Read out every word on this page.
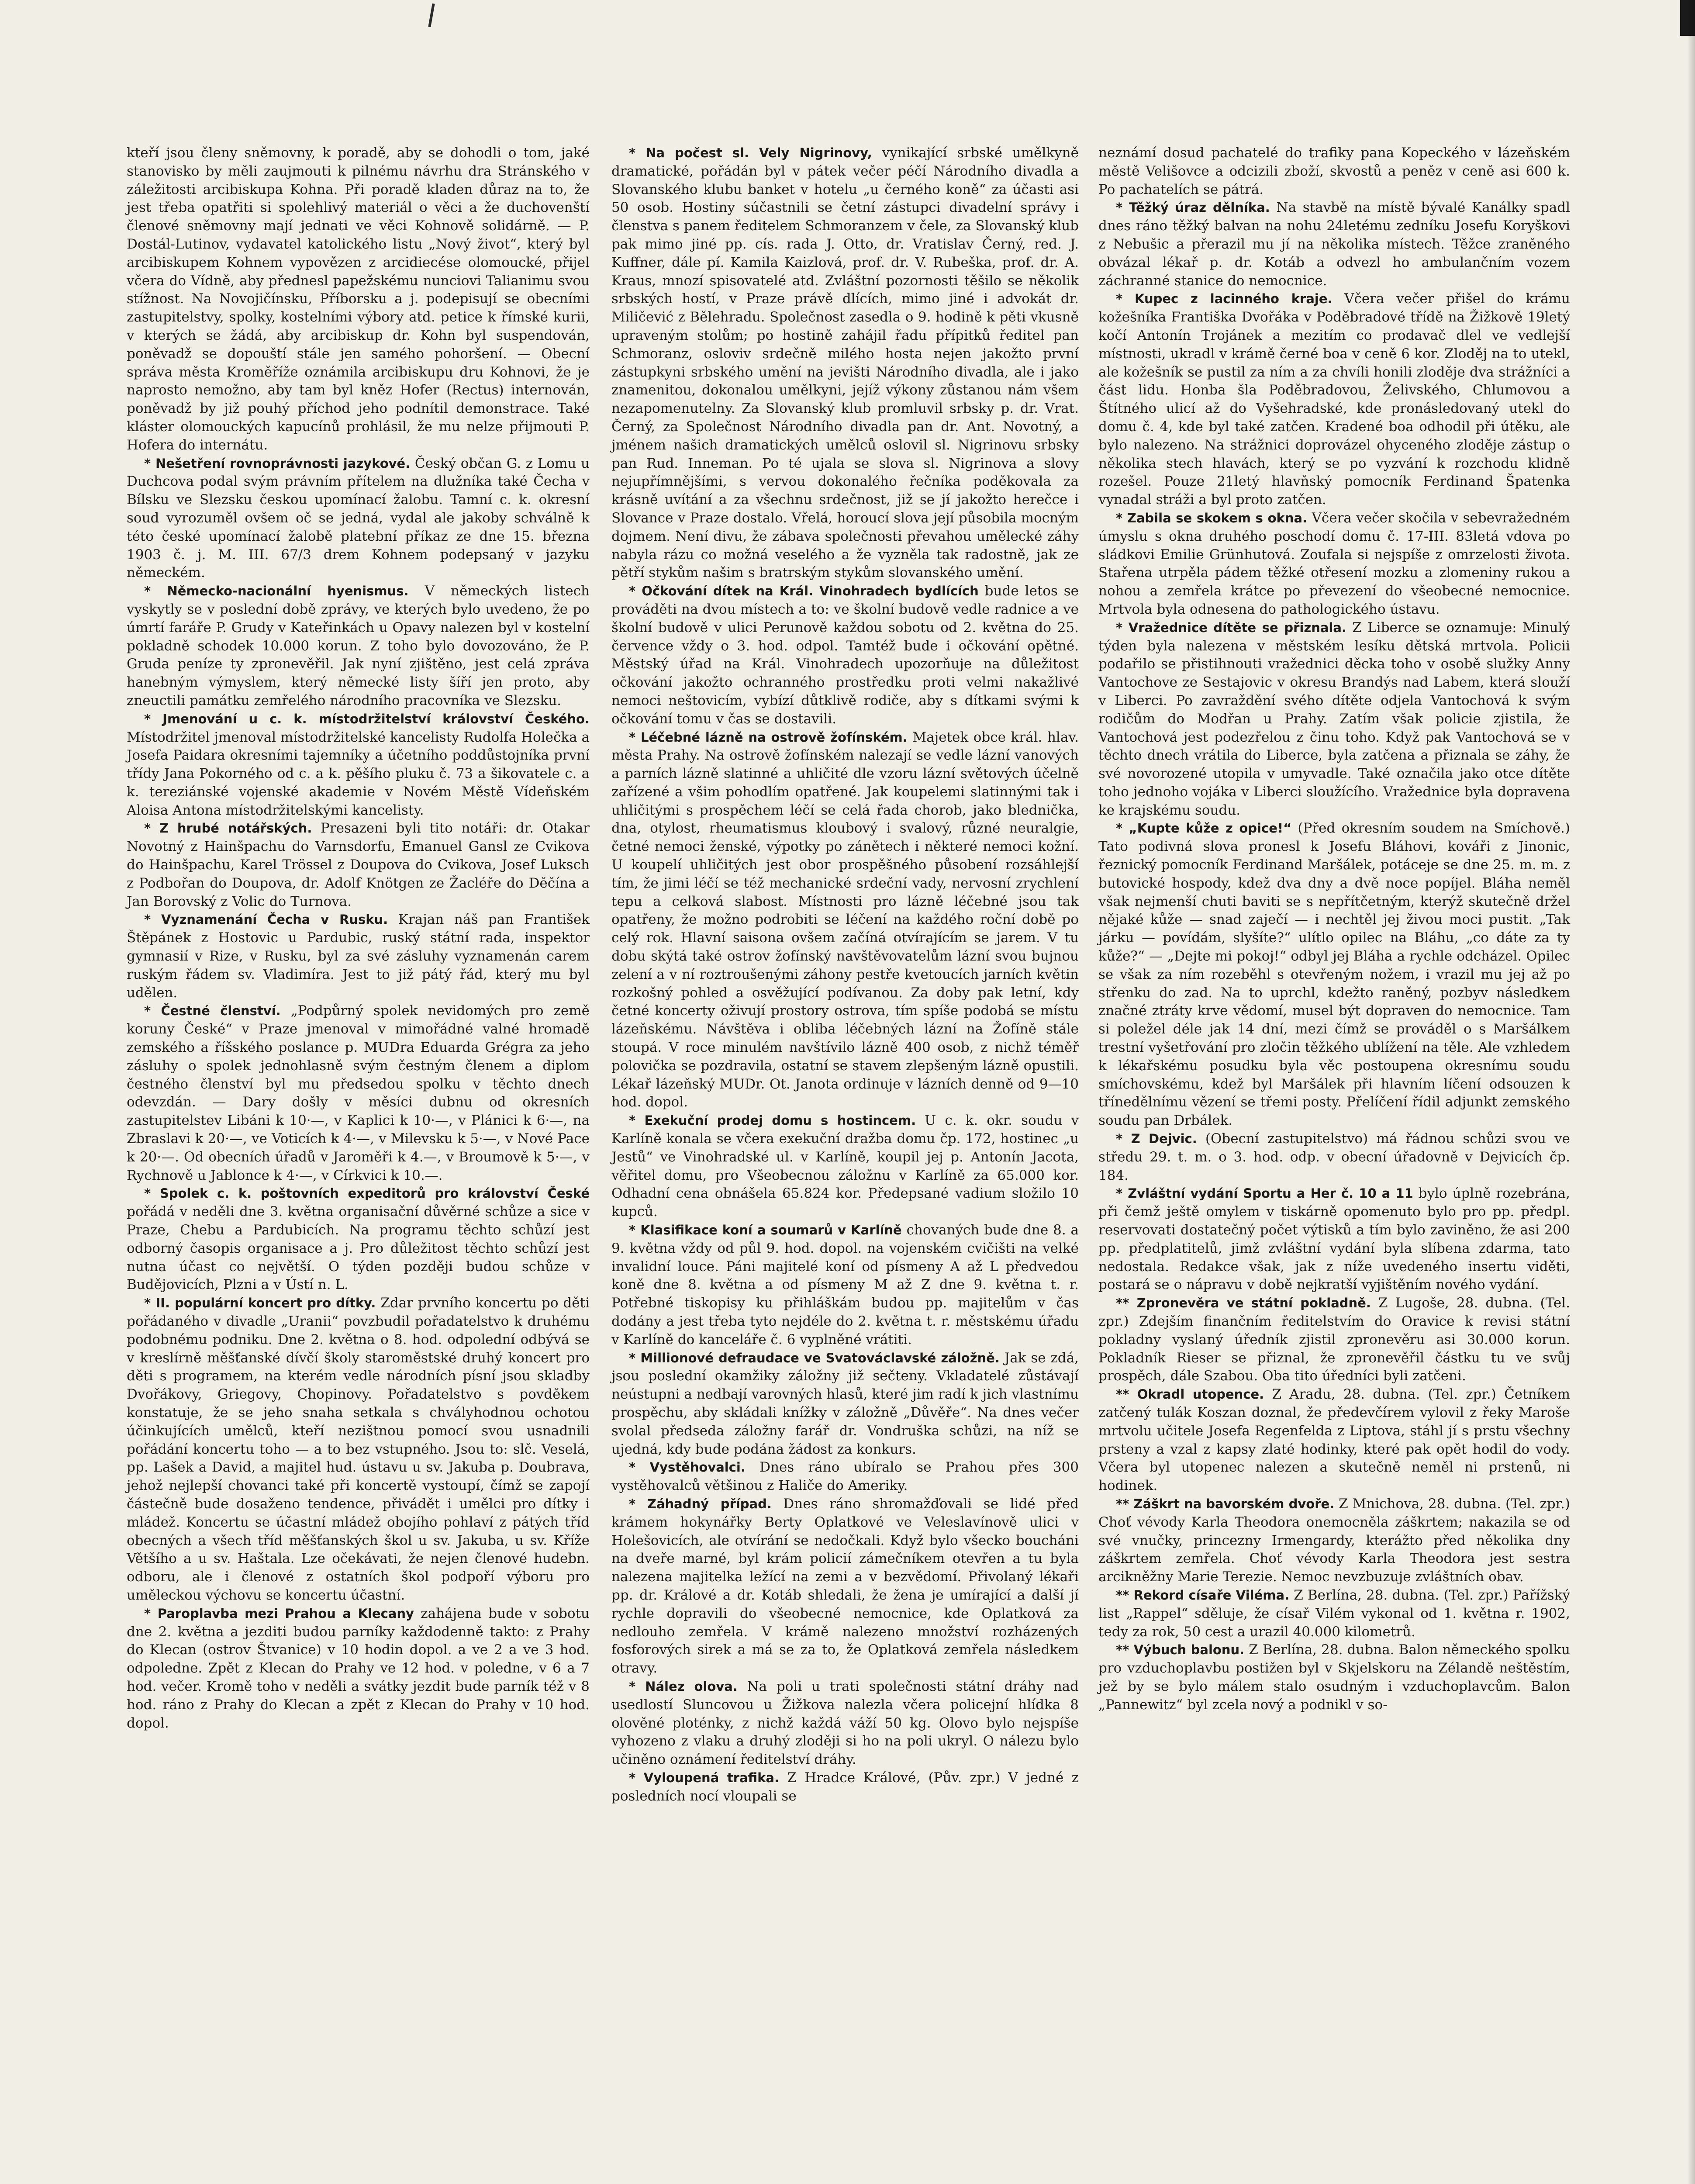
kteří jsou členy sněmovny, k poradě, aby se dohodli o tom, jaké stanovisko by měli zaujmouti k pilnému návrhu dra Stránského v záležitosti arcibiskupa Kohna. Při poradě kladen důraz na to, že jest třeba opatřiti si spolehlivý materiál o věci a že duchovenští členové sněmovny mají jednati ve věci Kohnově solidárně. — P. Dostál-Lutinov, vydavatel katolického listu „Nový život“, který byl arcibiskupem Kohnem vypovězen z arcidiecése olomoucké, přijel včera do Vídně, aby přednesl papežskému nunciovi Talianimu svou stížnost. Na Novojičínsku, Příborsku a j. podepisují se obecními zastupitelstvy, spolky, kostelními výbory atd. petice k římské kurii, v kterých se žádá, aby arcibiskup dr. Kohn byl suspendován, poněvadž se dopouští stále jen samého pohoršení. — Obecní správa města Kroměříže oznámila arcibiskupu dru Kohnovi, že je naprosto nemožno, aby tam byl kněz Hofer (Rectus) internován, poněvadž by již pouhý příchod jeho podnítil demonstrace. Také kláster olomouckých kapucínů prohlásil, že mu nelze přijmouti P. Hofera do internátu.

* Nešetření rovnoprávnosti jazykové. Český občan G. z Lomu u Duchcova podal svým právním přítelem na dlužníka také Čecha v Bílsku ve Slezsku českou upomínací žalobu. Tamní c. k. okresní soud vyrozuměl ovšem oč se jedná, vydal ale jakoby schválně k této české upomínací žalobě platební příkaz ze dne 15. března 1903 č. j. M. III. 67/3 drem Kohnem podepsaný v jazyku německém.

* Německo-nacionální hyenismus. V německých listech vyskytly se v poslední době zprávy, ve kterých bylo uvedeno, že po úmrtí faráře P. Grudy v Kateřinkách u Opavy nalezen byl v kostelní pokladně schodek 10.000 korun. Z toho bylo dovozováno, že P. Gruda peníze ty zpronevěřil. Jak nyní zjištěno, jest celá zpráva hanebným výmyslem, který německé listy šíří jen proto, aby zneuctili památku zemřelého národního pracovníka ve Slezsku.

* Jmenování u c. k. místodržitelství království Českého. Místodržitel jmenoval místodržitelské kancelisty Rudolfa Holečka a Josefa Paidara okresními tajemníky a účetního poddůstojníka první třídy Jana Pokorného od c. a k. pěšího pluku č. 73 a šikovatele c. a k. tereziánské vojenské akademie v Novém Městě Vídeňském Aloisa Antona místodržitelskými kancelisty.

* Z hrubé notářských. Presazeni byli tito notáři: dr. Otakar Novotný z Hainšpachu do Varnsdorfu, Emanuel Gansl ze Cvikova do Hainšpachu, Karel Trössel z Doupova do Cvikova, Josef Luksch z Podbořan do Doupova, dr. Adolf Knötgen ze Žacléře do Děčína a Jan Borovský z Volic do Turnova.

* Vyznamenání Čecha v Rusku. Krajan náš pan František Štěpánek z Hostovic u Pardubic, ruský státní rada, inspektor gymnasií v Rize, v Rusku, byl za své zásluhy vyznamenán carem ruským řádem sv. Vladimíra. Jest to již pátý řád, který mu byl udělen.

* Čestné členství. „Podpůrný spolek nevidomých pro země koruny České“ v Praze jmenoval v mimořádné valné hromadě zemského a říšského poslance p. MUDra Eduarda Grégra za jeho zásluhy o spolek jednohlasně svým čestným členem a diplom čestného členství byl mu předsedou spolku v těchto dnech odevzdán. — Dary došly v měsíci dubnu od okresních zastupitelstev Libáni k 10·—, v Kaplici k 10·—, v Plánici k 6·—, na Zbraslavi k 20·—, ve Voticích k 4·—, v Milevsku k 5·—, v Nové Pace k 20·—. Od obecních úřadů v Jaroměři k 4.—, v Broumově k 5·—, v Rychnově u Jablonce k 4·—, v Církvici k 10.—.

* Spolek c. k. poštovních expeditorů pro království České pořádá v neděli dne 3. května organisační důvěrné schůze a sice v Praze, Chebu a Pardubicích. Na programu těchto schůzí jest odborný časopis organisace a j. Pro důležitost těchto schůzí jest nutna účast co největší. O týden později budou schůze v Budějovicích, Plzni a v Ústí n. L.

* II. populární koncert pro dítky. Zdar prvního koncertu po děti pořádaného v divadle „Uranii“ povzbudil pořadatelstvo k druhému podobnému podniku. Dne 2. května o 8. hod. odpolední odbývá se v kreslírně měšťanské dívčí školy staroměstské druhý koncert pro děti s programem, na kterém vedle národních písní jsou skladby Dvořákovy, Griegovy, Chopinovy. Pořadatelstvo s povděkem konstatuje, že se jeho snaha setkala s chvályhodnou ochotou účinkujících umělců, kteří nezištnou pomocí svou usnadnili pořádání koncertu toho — a to bez vstupného. Jsou to: slč. Veselá, pp. Lašek a David, a majitel hud. ústavu u sv. Jakuba p. Doubrava, jehož nejlepší chovanci také při koncertě vystoupí, čímž se zapojí částečně bude dosaženo tendence, přivádět i umělci pro dítky i mládež. Koncertu se účastní mládež obojího pohlaví z pátých tříd obecných a všech tříd měšťanských škol u sv. Jakuba, u sv. Kříže Většího a u sv. Haštala. Lze očekávati, že nejen členové hudebn. odboru, ale i členové z ostatních škol podpoří výboru pro uměleckou výchovu se koncertu účastní.

* Paroplavba mezi Prahou a Klecany zahájena bude v sobotu dne 2. května a jezditi budou parníky každodenně takto: z Prahy do Klecan (ostrov Štvanice) v 10 hodin dopol. a ve 2 a ve 3 hod. odpoledne. Zpět z Klecan do Prahy ve 12 hod. v poledne, v 6 a 7 hod. večer. Kromě toho v neděli a svátky jezdit bude parník též v 8 hod. ráno z Prahy do Klecan a zpět z Klecan do Prahy v 10 hod. dopol.

* Na počest sl. Vely Nigrinovy, vynikající srbské umělkyně dramatické, pořádán byl v pátek večer péčí Národního divadla a Slovanského klubu banket v hotelu „u černého koně“ za účasti asi 50 osob. Hostiny súčastnili se četní zástupci divadelní správy i členstva s panem ředitelem Schmoranzem v čele, za Slovanský klub pak mimo jiné pp. cís. rada J. Otto, dr. Vratislav Černý, red. J. Kuffner, dále pí. Kamila Kaizlová, prof. dr. V. Rubeška, prof. dr. A. Kraus, mnozí spisovatelé atd. Zvláštní pozornosti těšilo se několik srbských hostí, v Praze právě dlících, mimo jiné i advokát dr. Miličević z Bělehradu. Společnost zasedla o 9. hodině k pěti vkusně upraveným stolům; po hostině zahájil řadu přípitků ředitel pan Schmoranz, osloviv srdečně milého hosta nejen jakožto první zástupkyni srbského umění na jevišti Národního divadla, ale i jako znamenitou, dokonalou umělkyni, jejíž výkony zůstanou nám všem nezapomenutelny. Za Slovanský klub promluvil srbsky p. dr. Vrat. Černý, za Společnost Národního divadla pan dr. Ant. Novotný, a jménem našich dramatických umělců oslovil sl. Nigrinovu srbsky pan Rud. Inneman. Po té ujala se slova sl. Nigrinova a slovy nejupřímnějšími, s vervou dokonalého řečníka poděkovala za krásně uvítání a za všechnu srdečnost, již se jí jakožto herečce i Slovance v Praze dostalo. Vřelá, horoucí slova její působila mocným dojmem. Není divu, že zábava společnosti převahou umělecké záhy nabyla rázu co možná veselého a že vyzněla tak radostně, jak ze pětří stykům našim s bratrským stykům slovanského umění.

* Očkování dítek na Král. Vinohradech bydlících bude letos se prováděti na dvou místech a to: ve školní budově vedle radnice a ve školní budově v ulici Perunově každou sobotu od 2. května do 25. července vždy o 3. hod. odpol. Tamtéž bude i očkování opětné. Městský úřad na Král. Vinohradech upozorňuje na důležitost očkování jakožto ochranného prostředku proti velmi nakažlivé nemoci neštovicím, vybízí důtklivě rodiče, aby s dítkami svými k očkování tomu v čas se dostavili.

* Léčebné lázně na ostrově žofínském. Majetek obce král. hlav. města Prahy. Na ostrově žofínském nalezají se vedle lázní vanových a parních lázně slatinné a uhličité dle vzoru lázní světových účelně zařízené a všim pohodlím opatřené. Jak koupelemi slatinnými tak i uhličitými s prospěchem léčí se celá řada chorob, jako blednička, dna, otylost, rheumatismus kloubový i svalový, různé neuralgie, četné nemoci ženské, výpotky po zánětech i některé nemoci kožní. U koupelí uhličitých jest obor prospěšného působení rozsáhlejší tím, že jimi léčí se též mechanické srdeční vady, nervosní zrychlení tepu a celková slabost. Místnosti pro lázně léčebné jsou tak opatřeny, že možno podrobiti se léčení na každého roční době po celý rok. Hlavní saisona ovšem začíná otvírajícím se jarem. V tu dobu skýtá také ostrov žofínský navštěvovatelům lázní svou bujnou zelení a v ní roztroušenými záhony pestře kvetoucích jarních květin rozkošný pohled a osvěžující podívanou. Za doby pak letní, kdy četné koncerty oživují prostory ostrova, tím spíše podobá se místu lázeňskému. Návštěva i obliba léčebných lázní na Žofíně stále stoupá. V roce minulém navštívilo lázně 400 osob, z nichž téměř polovička se pozdravila, ostatní se stavem zlepšeným lázně opustili. Lékař lázeňský MUDr. Ot. Janota ordinuje v lázních denně od 9—10 hod. dopol.

* Exekuční prodej domu s hostincem. U c. k. okr. soudu v Karlíně konala se včera exekuční dražba domu čp. 172, hostinec „u Jestů“ ve Vinohradské ul. v Karlíně, koupil jej p. Antonín Jacota, věřitel domu, pro Všeobecnou záložnu v Karlíně za 65.000 kor. Odhadní cena obnášela 65.824 kor. Předepsané vadium složilo 10 kupců.

* Klasifikace koní a soumarů v Karlíně chovaných bude dne 8. a 9. května vždy od půl 9. hod. dopol. na vojenském cvičišti na velké invalidní louce. Páni majitelé koní od písmeny A až L předvedou koně dne 8. května a od písmeny M až Z dne 9. května t. r. Potřebné tiskopisy ku přihláškám budou pp. majitelům v čas dodány a jest třeba tyto nejdéle do 2. května t. r. městskému úřadu v Karlíně do kanceláře č. 6 vyplněné vrátiti.

* Millionové defraudace ve Svatováclavské záložně. Jak se zdá, jsou poslední okamžiky záložny již sečteny. Vkladatelé zůstávají neústupni a nedbají varovných hlasů, které jim radí k jich vlastnímu prospěchu, aby skládali knížky v záložně „Důvěře“. Na dnes večer svolal předseda záložny farář dr. Vondruška schůzi, na níž se ujedná, kdy bude podána žádost za konkurs.

* Vystěhovalci. Dnes ráno ubíralo se Prahou přes 300 vystěhovalců většinou z Haliče do Ameriky.

* Záhadný případ. Dnes ráno shromažďovali se lidé před krámem hokynářky Berty Oplatkové ve Veleslavínově ulici v Holešovicích, ale otvírání se nedočkali. Když bylo všecko boucháni na dveře marné, byl krám policií zámečníkem otevřen a tu byla nalezena majitelka ležící na zemi a v bezvědomí. Přivolaný lékaři pp. dr. Králové a dr. Kotáb shledali, že žena je umírající a další jí rychle dopravili do všeobecné nemocnice, kde Oplatková za nedlouho zemřela. V krámě nalezeno množství rozházených fosforových sirek a má se za to, že Oplatková zemřela následkem otravy.

* Nález olova. Na poli u trati společnosti státní dráhy nad usedlostí Sluncovou u Žižkova nalezla včera policejní hlídka 8 olověné ploténky, z nichž každá váží 50 kg. Olovo bylo nejspíše vyhozeno z vlaku a druhý zloději si ho na poli ukryl. O nálezu bylo učiněno oznámení ředitelství dráhy.

* Vyloupená trafika. Z Hradce Králové, (Pův. zpr.) V jedné z posledních nocí vloupali se

neznámí dosud pachatelé do trafiky pana Kopeckého v lázeňském městě Velišovce a odcizili zboží, skvostů a peněz v ceně asi 600 k. Po pachatelích se pátrá.

* Těžký úraz dělníka. Na stavbě na místě bývalé Kanálky spadl dnes ráno těžký balvan na nohu 24letému zedníku Josefu Koryškovi z Nebušic a přerazil mu jí na několika místech. Těžce zraněného obvázal lékař p. dr. Kotáb a odvezl ho ambulančním vozem záchranné stanice do nemocnice.

* Kupec z lacinného kraje. Včera večer přišel do krámu kožešníka Františka Dvořáka v Poděbradové třídě na Žižkově 19letý kočí Antonín Trojánek a mezitím co prodavač dlel ve vedlejší místnosti, ukradl v krámě černé boa v ceně 6 kor. Zloděj na to utekl, ale kožešník se pustil za ním a za chvíli honili zloděje dva strážníci a část lidu. Honba šla Poděbradovou, Želivského, Chlumovou a Štítného ulicí až do Vyšehradské, kde pronásledovaný utekl do domu č. 4, kde byl také zatčen. Kradené boa odhodil při útěku, ale bylo nalezeno. Na strážnici doprovázel ohyceného zloděje zástup o několika stech hlavách, který se po vyzvání k rozchodu klidně rozešel. Pouze 21letý hlavňský pomocník Ferdinand Špatenka vynadal stráži a byl proto zatčen.

* Zabila se skokem s okna. Včera večer skočila v sebevražedném úmyslu s okna druhého poschodí domu č. 17-III. 83letá vdova po sládkovi Emilie Grünhutová. Zoufala si nejspíše z omrzelosti života. Stařena utrpěla pádem těžké otřesení mozku a zlomeniny rukou a nohou a zemřela krátce po převezení do všeobecné nemocnice. Mrtvola byla odnesena do pathologického ústavu.

* Vražednice dítěte se přiznala. Z Liberce se oznamuje: Minulý týden byla nalezena v městském lesíku dětská mrtvola. Policii podařilo se přistihnouti vražednici děcka toho v osobě služky Anny Vantochove ze Sestajovic v okresu Brandýs nad Labem, která slouží v Liberci. Po zavraždění svého dítěte odjela Vantochová k svým rodičům do Modřan u Prahy. Zatím však policie zjistila, že Vantochová jest podezřelou z činu toho. Když pak Vantochová se v těchto dnech vrátila do Liberce, byla zatčena a přiznala se záhy, že své novorozené utopila v umyvadle. Také označila jako otce dítěte toho jednoho vojáka v Liberci sloužícího. Vražednice byla dopravena ke krajskému soudu.

* „Kupte kůže z opice!“ (Před okresním soudem na Smíchově.) Tato podivná slova pronesl k Josefu Bláhovi, kováři z Jinonic, řeznický pomocník Ferdinand Maršálek, potáceje se dne 25. m. m. z butovické hospody, kdež dva dny a dvě noce popíjel. Bláha neměl však nejmenší chuti baviti se s nepřítčetným, kterýž skutečně držel nějaké kůže — snad zaječí — i nechtěl jej živou moci pustit. „Tak járku — povídám, slyšíte?“ ulítlo opilec na Bláhu, „co dáte za ty kůže?“ — „Dejte mi pokoj!“ odbyl jej Bláha a rychle odcházel. Opilec se však za ním rozeběhl s otevřeným nožem, i vrazil mu jej až po střenku do zad. Na to uprchl, kdežto raněný, pozbyv následkem značné ztráty krve vědomí, musel být dopraven do nemocnice. Tam si poležel déle jak 14 dní, mezi čímž se prováděl o s Maršálkem trestní vyšetřování pro zločin těžkého ublížení na těle. Ale vzhledem k lékařskému posudku byla věc postoupena okresnímu soudu smíchovskému, kdež byl Maršálek při hlavním líčení odsouzen k třínedělnímu vězení se třemi posty. Přelíčení řídil adjunkt zemského soudu pan Drbálek.

* Z Dejvic. (Obecní zastupitelstvo) má řádnou schůzi svou ve středu 29. t. m. o 3. hod. odp. v obecní úřadovně v Dejvicích čp. 184.

* Zvláštní vydání Sportu a Her č. 10 a 11 bylo úplně rozebrána, při čemž ještě omylem v tiskárně opomenuto bylo pro pp. předpl. reservovati dostatečný počet výtisků a tím bylo zaviněno, že asi 200 pp. předplatitelů, jimž zvláštní vydání byla slíbena zdarma, tato nedostala. Redakce však, jak z níže uvedeného insertu viděti, postará se o nápravu v době nejkratší vyjištěním nového vydání.

** Zpronevěra ve státní pokladně. Z Lugoše, 28. dubna. (Tel. zpr.) Zdejším finančním ředitelstvím do Oravice k revisi státní pokladny vyslaný úředník zjistil zpronevěru asi 30.000 korun. Pokladník Rieser se přiznal, že zpronevěřil částku tu ve svůj prospěch, dále Szabou. Oba tito úředníci byli zatčeni.

** Okradl utopence. Z Aradu, 28. dubna. (Tel. zpr.) Četníkem zatčený tulák Koszan doznal, že předevčírem vylovil z řeky Maroše mrtvolu učitele Josefa Regenfelda z Liptova, stáhl jí s prstu všechny prsteny a vzal z kapsy zlaté hodinky, které pak opět hodil do vody. Včera byl utopenec nalezen a skutečně neměl ni prstenů, ni hodinek.

** Záškrt na bavorském dvoře. Z Mnichova, 28. dubna. (Tel. zpr.) Choť vévody Karla Theodora onemocněla záškrtem; nakazila se od své vnučky, princezny Irmengardy, kterážto před několika dny záškrtem zemřela. Choť vévody Karla Theodora jest sestra arcikněžny Marie Terezie. Nemoc nevzbuzuje zvláštních obav.

** Rekord císaře Viléma. Z Berlína, 28. dubna. (Tel. zpr.) Pařížský list „Rappel“ sděluje, že císař Vilém vykonal od 1. května r. 1902, tedy za rok, 50 cest a urazil 40.000 kilometrů.

** Výbuch balonu. Z Berlína, 28. dubna. Balon německého spolku pro vzduchoplavbu postižen byl v Skjelskoru na Zélandě neštěstím, jež by se bylo málem stalo osudným i vzduchoplavcům. Balon „Pannewitz“ byl zcela nový a podnikl v so-
